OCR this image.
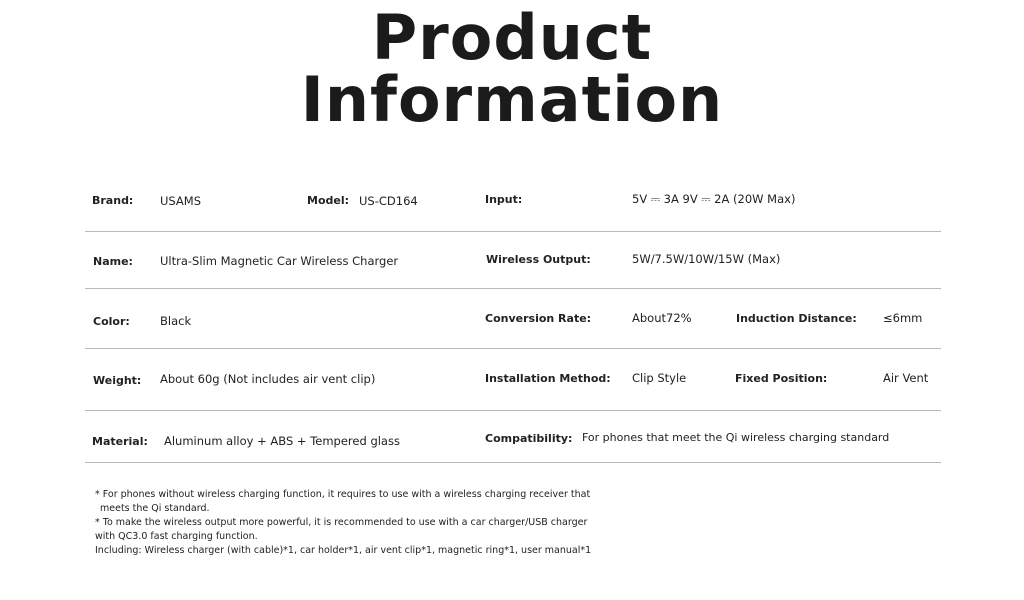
Product
Information
Brand: USAMS	Model: US-CD164	Input:	5V ⎓ 3A 9V ⎓ 2A (20W Max)
Name: Ultra-Slim Magnetic Car Wireless Charger	Wireless Output:	5W/7.5W/10W/15W (Max)
Color:	Black	Conversion Rate:	About72%	Induction Distance: ≤6mm
Weight: About 60g (Not includes air vent clip)	Installation Method: Clip Style	Fixed Position:	Air Vent
Material: Aluminum alloy + ABS + Tempered glass	Compatibility: For phones that meet the Qi wireless charging standard
* For phones without wireless charging function, it requires to use with a wireless charging receiver that
meets the Qi standard.
* To make the wireless output more powerful, it is recommended to use with a car charger/USB charger
with QC3.0 fast charging function.
Including: Wireless charger (with cable)*1, car holder*1, air vent clip*1, magnetic ring*1, user manual*1
